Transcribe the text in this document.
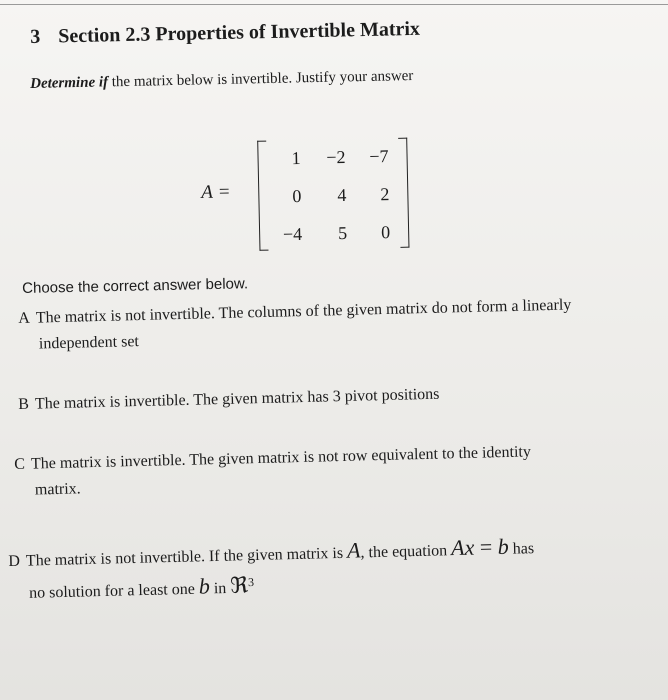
3 Section 2.3 Properties of Invertible Matrix
Determine if the matrix below is invertible. Justify your answer
A =
1	−2	−7
0	4	2
−4	5	0
Choose the correct answer below.
A The matrix is not invertible. The columns of the given matrix do not form a linearly
independent set
B The matrix is invertible. The given matrix has 3 pivot positions
C The matrix is invertible. The given matrix is not row equivalent to the identity
matrix.
D The matrix is not invertible. If the given matrix is A, the equation Ax = b has
no solution for a least one b in ℜ$^3$
